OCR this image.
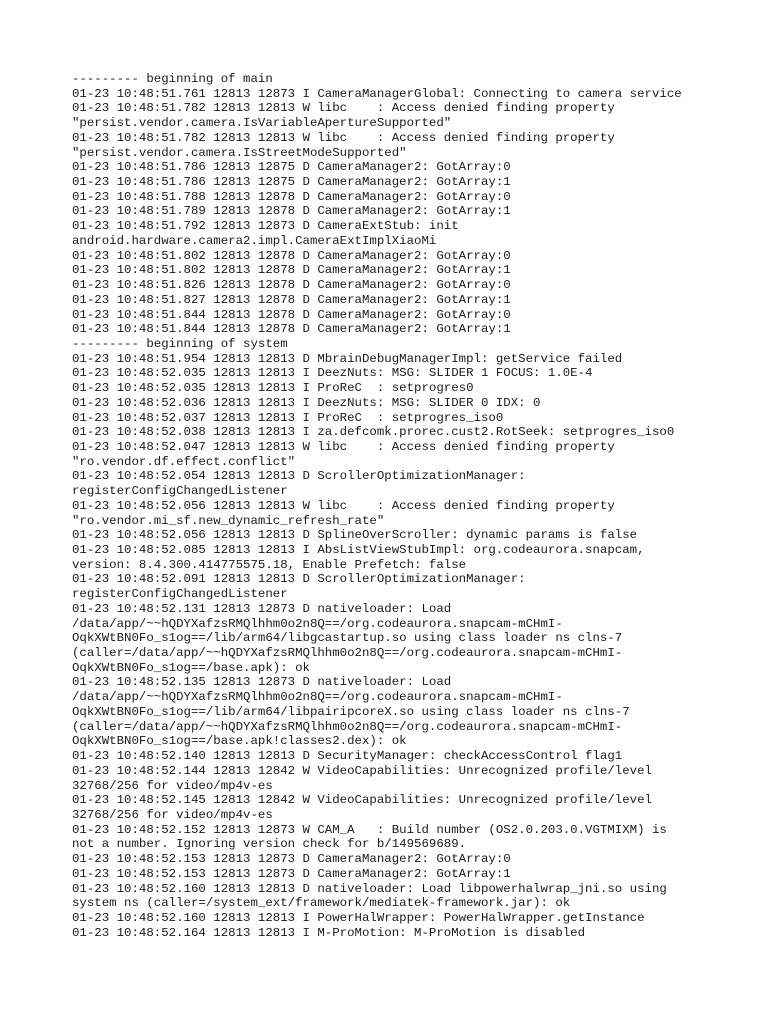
--------- beginning of main
01-23 10:48:51.761 12813 12873 I CameraManagerGlobal: Connecting to camera service
01-23 10:48:51.782 12813 12813 W libc    : Access denied finding property
"persist.vendor.camera.IsVariableApertureSupported"
01-23 10:48:51.782 12813 12813 W libc    : Access denied finding property
"persist.vendor.camera.IsStreetModeSupported"
01-23 10:48:51.786 12813 12875 D CameraManager2: GotArray:0
01-23 10:48:51.786 12813 12875 D CameraManager2: GotArray:1
01-23 10:48:51.788 12813 12878 D CameraManager2: GotArray:0
01-23 10:48:51.789 12813 12878 D CameraManager2: GotArray:1
01-23 10:48:51.792 12813 12873 D CameraExtStub: init
android.hardware.camera2.impl.CameraExtImplXiaoMi
01-23 10:48:51.802 12813 12878 D CameraManager2: GotArray:0
01-23 10:48:51.802 12813 12878 D CameraManager2: GotArray:1
01-23 10:48:51.826 12813 12878 D CameraManager2: GotArray:0
01-23 10:48:51.827 12813 12878 D CameraManager2: GotArray:1
01-23 10:48:51.844 12813 12878 D CameraManager2: GotArray:0
01-23 10:48:51.844 12813 12878 D CameraManager2: GotArray:1
--------- beginning of system
01-23 10:48:51.954 12813 12813 D MbrainDebugManagerImpl: getService failed
01-23 10:48:52.035 12813 12813 I DeezNuts: MSG: SLIDER 1 FOCUS: 1.0E-4
01-23 10:48:52.035 12813 12813 I ProReC  : setprogres0
01-23 10:48:52.036 12813 12813 I DeezNuts: MSG: SLIDER 0 IDX: 0
01-23 10:48:52.037 12813 12813 I ProReC  : setprogres_iso0
01-23 10:48:52.038 12813 12813 I za.defcomk.prorec.cust2.RotSeek: setprogres_iso0
01-23 10:48:52.047 12813 12813 W libc    : Access denied finding property
"ro.vendor.df.effect.conflict"
01-23 10:48:52.054 12813 12813 D ScrollerOptimizationManager:
registerConfigChangedListener
01-23 10:48:52.056 12813 12813 W libc    : Access denied finding property
"ro.vendor.mi_sf.new_dynamic_refresh_rate"
01-23 10:48:52.056 12813 12813 D SplineOverScroller: dynamic params is false
01-23 10:48:52.085 12813 12813 I AbsListViewStubImpl: org.codeaurora.snapcam,
version: 8.4.300.414775575.18, Enable Prefetch: false
01-23 10:48:52.091 12813 12813 D ScrollerOptimizationManager:
registerConfigChangedListener
01-23 10:48:52.131 12813 12873 D nativeloader: Load
/data/app/~~hQDYXafzsRMQlhhm0o2n8Q==/org.codeaurora.snapcam-mCHmI-
OqkXWtBN0Fo_s1og==/lib/arm64/libgcastartup.so using class loader ns clns-7
(caller=/data/app/~~hQDYXafzsRMQlhhm0o2n8Q==/org.codeaurora.snapcam-mCHmI-
OqkXWtBN0Fo_s1og==/base.apk): ok
01-23 10:48:52.135 12813 12873 D nativeloader: Load
/data/app/~~hQDYXafzsRMQlhhm0o2n8Q==/org.codeaurora.snapcam-mCHmI-
OqkXWtBN0Fo_s1og==/lib/arm64/libpairipcoreX.so using class loader ns clns-7
(caller=/data/app/~~hQDYXafzsRMQlhhm0o2n8Q==/org.codeaurora.snapcam-mCHmI-
OqkXWtBN0Fo_s1og==/base.apk!classes2.dex): ok
01-23 10:48:52.140 12813 12813 D SecurityManager: checkAccessControl flag1
01-23 10:48:52.144 12813 12842 W VideoCapabilities: Unrecognized profile/level
32768/256 for video/mp4v-es
01-23 10:48:52.145 12813 12842 W VideoCapabilities: Unrecognized profile/level
32768/256 for video/mp4v-es
01-23 10:48:52.152 12813 12873 W CAM_A   : Build number (OS2.0.203.0.VGTMIXM) is
not a number. Ignoring version check for b/149569689.
01-23 10:48:52.153 12813 12873 D CameraManager2: GotArray:0
01-23 10:48:52.153 12813 12873 D CameraManager2: GotArray:1
01-23 10:48:52.160 12813 12813 D nativeloader: Load libpowerhalwrap_jni.so using
system ns (caller=/system_ext/framework/mediatek-framework.jar): ok
01-23 10:48:52.160 12813 12813 I PowerHalWrapper: PowerHalWrapper.getInstance
01-23 10:48:52.164 12813 12813 I M-ProMotion: M-ProMotion is disabled
